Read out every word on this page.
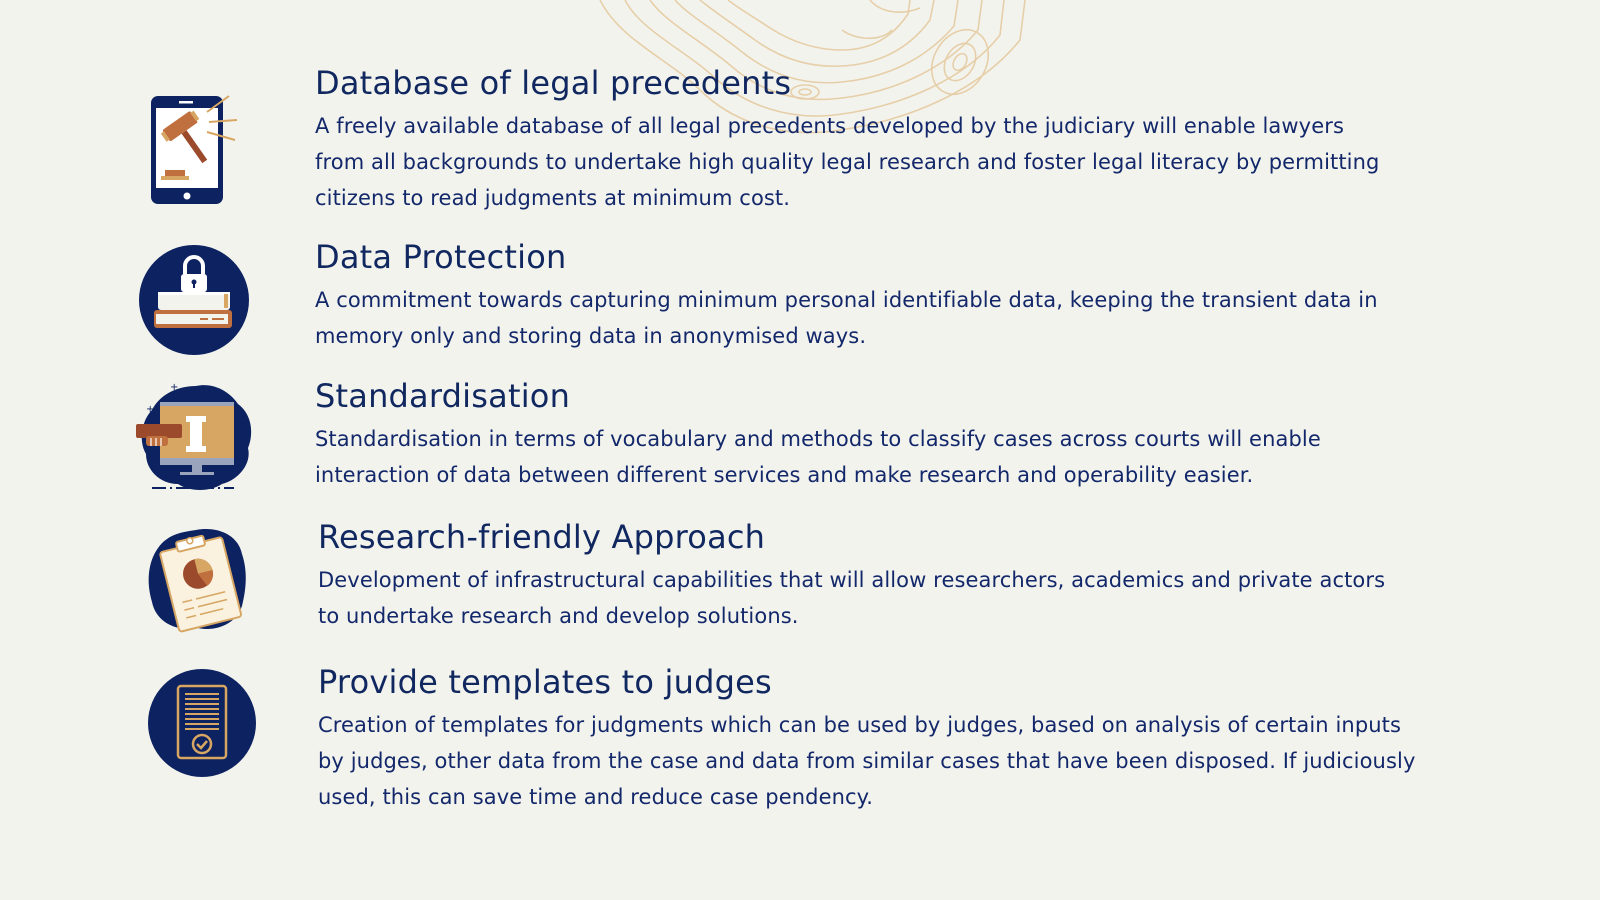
Database of legal precedents

A freely available database of all legal precedents developed by the judiciary will enable lawyers from all backgrounds to undertake high quality legal research and foster legal literacy by permitting citizens to read judgments at minimum cost.

Data Protection

A commitment towards capturing minimum personal identifiable data, keeping the transient data in memory only and storing data in anonymised ways.

+
+	Standardisation

Standardisation in terms of vocabulary and methods to classify cases across courts will enable interaction of data between different services and make research and operability easier.

Research-friendly Approach

Development of infrastructural capabilities that will allow researchers, academics and private actors to undertake research and develop solutions.

Provide templates to judges

Creation of templates for judgments which can be used by judges, based on analysis of certain inputs by judges, other data from the case and data from similar cases that have been disposed. If judiciously used, this can save time and reduce case pendency.
